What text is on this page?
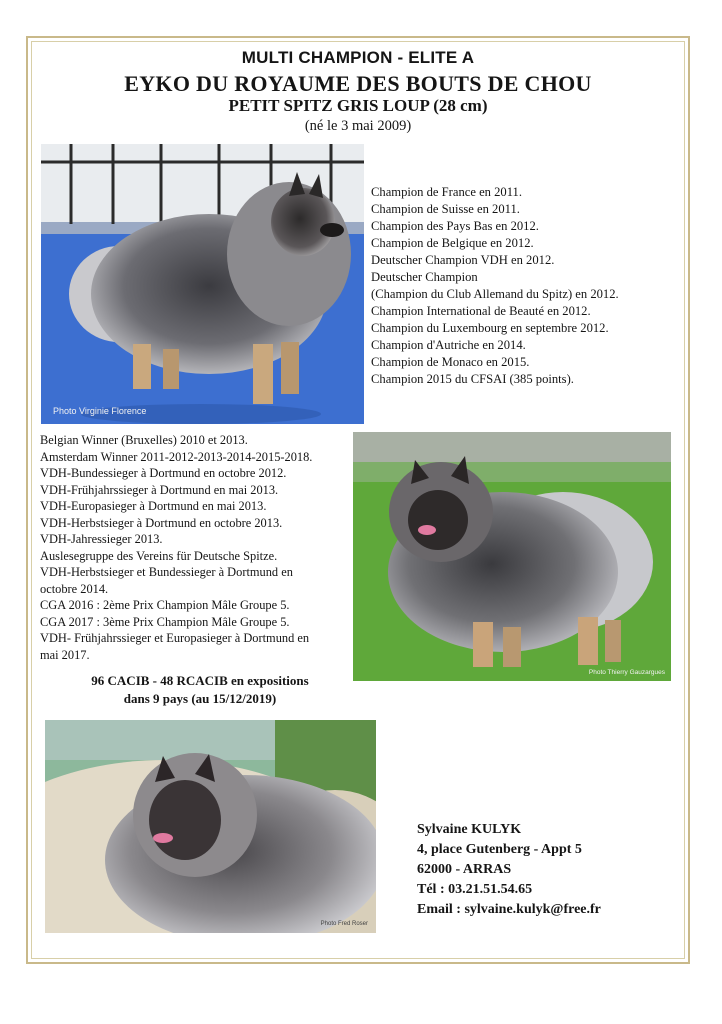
MULTI CHAMPION - ELITE A

EYKO DU ROYAUME DES BOUTS DE CHOU

PETIT SPITZ GRIS LOUP (28 cm)

(né le 3 mai 2009)

Photo Virginie Florence
Champion de France en 2011.
Champion de Suisse en 2011.
Champion des Pays Bas en 2012.
Champion de Belgique en 2012.
Deutscher Champion VDH en 2012.
Deutscher Champion
(Champion du Club Allemand du Spitz) en 2012.
Champion International de Beauté en 2012.
Champion du Luxembourg en septembre 2012.
Champion d'Autriche en 2014.
Champion de Monaco en 2015.
Champion 2015 du CFSAI (385 points).
Belgian Winner (Bruxelles) 2010 et 2013.
Amsterdam Winner 2011-2012-2013-2014-2015-2018.
VDH-Bundessieger à Dortmund en octobre 2012.
VDH-Frühjahrssieger à Dortmund en mai 2013.
VDH-Europasieger à Dortmund en mai 2013.
VDH-Herbstsieger à Dortmund en octobre 2013.
VDH-Jahressieger 2013.
Auslesegruppe des Vereins für Deutsche Spitze.
VDH-Herbstsieger et Bundessieger à Dortmund en
octobre 2014.
CGA 2016 : 2ème Prix Champion Mâle Groupe 5.
CGA 2017 : 3ème Prix Champion Mâle Groupe 5.
VDH- Frühjahrssieger et Europasieger à Dortmund en
mai 2017.
Photo Thierry Gauzargues
96 CACIB - 48 RCACIB en expositions
dans 9 pays (au 15/12/2019)
Photo Fred Roser
Sylvaine KULYK
4, place Gutenberg - Appt 5
62000 - ARRAS
Tél : 03.21.51.54.65
Email : sylvaine.kulyk@free.fr
